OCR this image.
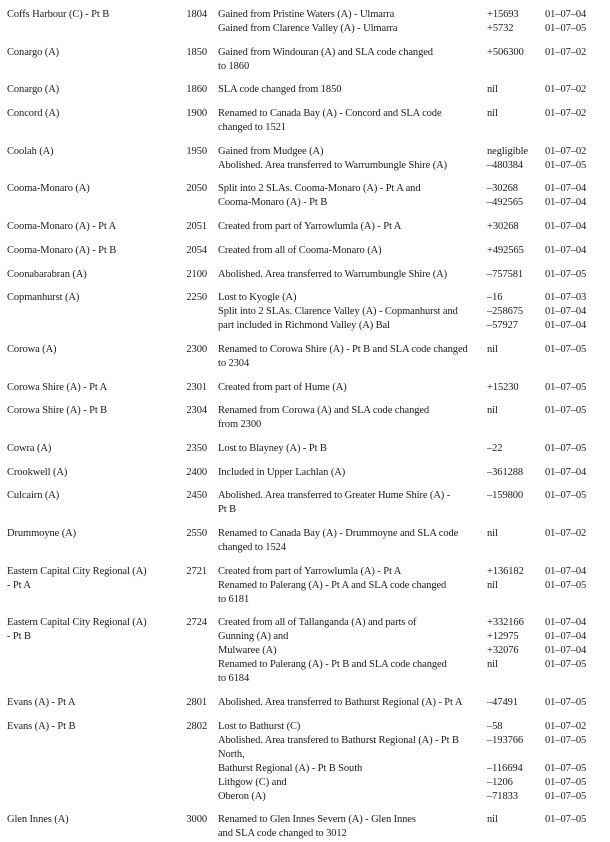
Coffs Harbour (C) - Pt B	1804 Gained from Pristine Waters (A) - Ulmarra	+15693	01–07–04
Gained from Clarence Valley (A) - Ulmarra	+5732	01–07–05
Conargo (A)	1850 Gained from Windouran (A) and SLA code changed	+506300	01–07–02
to 1860
Conargo (A)	1860 SLA code changed from 1850	nil	01–07–02
Concord (A)	1900 Renamed to Canada Bay (A) - Concord and SLA code	nil	01–07–02
changed to 1521
Coolah (A)	1950 Gained from Mudgee (A)	negligible	01–07–02
Abolished. Area transferred to Warrumbungle Shire (A)	–480384	01–07–05
Cooma-Monaro (A)	2050 Split into 2 SLAs. Cooma-Monaro (A) - Pt A and	–30268	01–07–04
Cooma-Monaro (A) - Pt B	–492565	01–07–04
Cooma-Monaro (A) - Pt A	2051 Created from part of Yarrowlumla (A) - Pt A	+30268	01–07–04
Cooma-Monaro (A) - Pt B	2054 Created from all of Cooma-Monaro (A)	+492565	01–07–04
Coonabarabran (A)	2100 Abolished. Area transferred to Warrumbungle Shire (A)	–757581	01–07–05
Copmanhurst (A)	2250 Lost to Kyogle (A)	–16	01–07–03
Split into 2 SLAs. Clarence Valley (A) - Copmanhurst and	–258675	01–07–04
part included in Richmond Valley (A) Bal	–57927	01–07–04
Corowa (A)	2300 Renamed to Corowa Shire (A) - Pt B and SLA code changed	nil	01–07–05
to 2304
Corowa Shire (A) - Pt A	2301 Created from part of Hume (A)	+15230	01–07–05
Corowa Shire (A) - Pt B	2304 Renamed from Corowa (A) and SLA code changed	nil	01–07–05
from 2300
Cowra (A)	2350 Lost to Blayney (A) - Pt B	–22	01–07–05
Crookwell (A)	2400 Included in Upper Lachlan (A)	–361288	01–07–04
Culcairn (A)	2450 Abolished. Area transferred to Greater Hume Shire (A) -	–159800	01–07–05
Pt B
Drummoyne (A)	2550 Renamed to Canada Bay (A) - Drummoyne and SLA code	nil	01–07–02
changed to 1524
Eastern Capital City Regional (A)
- Pt A
2721 Created from part of Yarrowlumla (A) - Pt A	+136182	01–07–04
Renamed to Palerang (A) - Pt A and SLA code changed	nil	01–07–05
to 6181
Eastern Capital City Regional (A)
- Pt B
2724 Created from all of Tallanganda (A) and parts of	+332166	01–07–04
Gunning (A) and	+12975	01–07–04
Mulwaree (A)	+32076	01–07–04
Renamed to Palerang (A) - Pt B and SLA code changed	nil	01–07–05
to 6184
Evans (A) - Pt A	2801 Abolished. Area transferred to Bathurst Regional (A) - Pt A	–47491	01–07–05
Evans (A) - Pt B	2802 Lost to Bathurst (C)	–58	01–07–02
Abolished. Area transfered to Bathurst Regional (A) - Pt B	–193766	01–07–05
North,
Bathurst Regional (A) - Pt B South	–116694	01–07–05
Lithgow (C) and	–1206	01–07–05
Oberon (A)	–71833	01–07–05
Glen Innes (A)	3000 Renamed to Glen Innes Severn (A) - Glen Innes	nil	01–07–05
and SLA code changed to 3012
